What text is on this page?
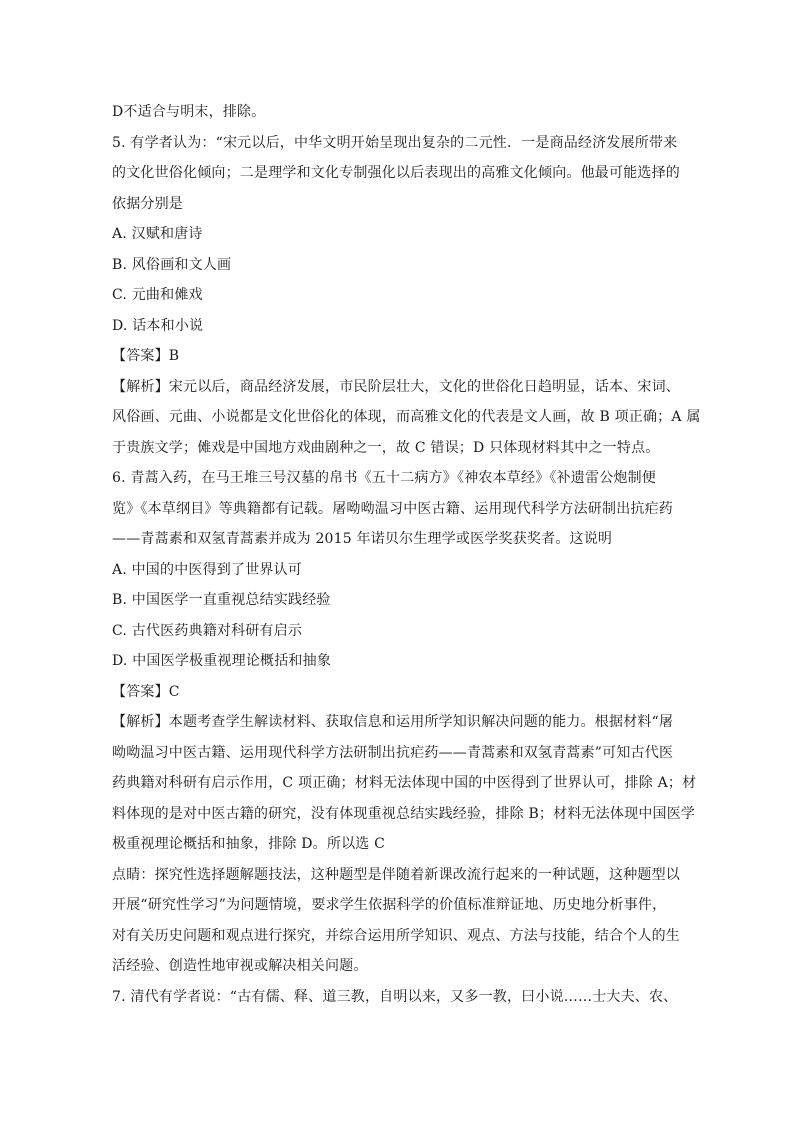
D不适合与明末，排除。
5. 有学者认为：“宋元以后，中华文明开始呈现出复杂的二元性．一是商品经济发展所带来
的文化世俗化倾向；二是理学和文化专制强化以后表现出的高雅文化倾向。他最可能选择的
依据分别是
A. 汉赋和唐诗
B. 风俗画和文人画
C. 元曲和傩戏
D. 话本和小说
【答案】B
【解析】宋元以后，商品经济发展，市民阶层壮大，文化的世俗化日趋明显，话本、宋词、
风俗画、元曲、小说都是文化世俗化的体现，而高雅文化的代表是文人画，故 B 项正确；A 属
于贵族文学；傩戏是中国地方戏曲剧种之一，故 C 错误；D 只体现材料其中之一特点。
6. 青蒿入药，在马王堆三号汉墓的帛书《五十二病方》《神农本草经》《补遗雷公炮制便
览》《本草纲目》等典籍都有记载。屠呦呦温习中医古籍、运用现代科学方法研制出抗疟药
——青蒿素和双氢青蒿素并成为 2015 年诺贝尔生理学或医学奖获奖者。这说明
A. 中国的中医得到了世界认可
B. 中国医学一直重视总结实践经验
C. 古代医药典籍对科研有启示
D. 中国医学极重视理论概括和抽象
【答案】C
【解析】本题考查学生解读材料、获取信息和运用所学知识解决问题的能力。根据材料“屠
呦呦温习中医古籍、运用现代科学方法研制出抗疟药——青蒿素和双氢青蒿素”可知古代医
药典籍对科研有启示作用，C 项正确；材料无法体现中国的中医得到了世界认可，排除 A；材
料体现的是对中医古籍的研究，没有体现重视总结实践经验，排除 B；材料无法体现中国医学
极重视理论概括和抽象，排除 D。所以选 C
点睛：探究性选择题解题技法，这种题型是伴随着新课改流行起来的一种试题，这种题型以
开展“研究性学习”为问题情境，要求学生依据科学的价值标准辩证地、历史地分析事件，
对有关历史问题和观点进行探究，并综合运用所学知识、观点、方法与技能，结合个人的生
活经验、创造性地审视或解决相关问题。
7. 清代有学者说：“古有儒、释、道三教，自明以来，又多一教，曰小说……士大夫、农、
